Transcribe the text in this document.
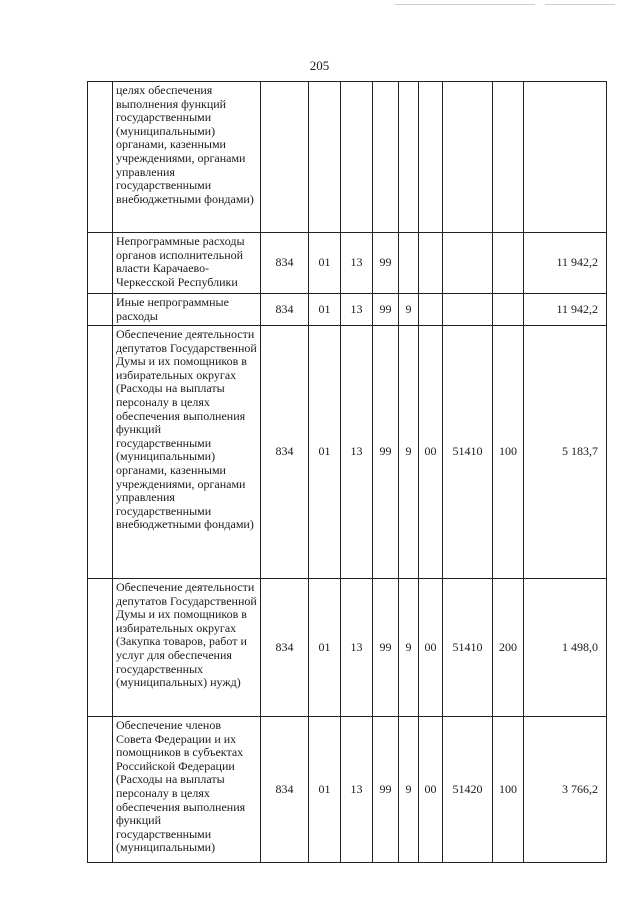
205
	целях обеспечения выполнения функций государственными (муниципальными) органами, казенными учреждениями, органами управления государственными внебюджетными фондами)									
	Непрограммные расходы органов исполнительной власти Карачаево-Черкесской Республики	834	01	13	99					11 942,2
	Иные непрограммные расходы	834	01	13	99	9				11 942,2
	Обеспечение деятельности депутатов Государственной Думы и их помощников в избирательных округах (Расходы на выплаты персоналу в целях обеспечения выполнения функций государственными (муниципальными) органами, казенными учреждениями, органами управления государственными внебюджетными фондами)	834	01	13	99	9	00	51410	100	5 183,7
	Обеспечение деятельности депутатов Государственной Думы и их помощников в избирательных округах (Закупка товаров, работ и услуг для обеспечения государственных (муниципальных) нужд)	834	01	13	99	9	00	51410	200	1 498,0
	Обеспечение членов Совета Федерации и их помощников в субъектах Российской Федерации (Расходы на выплаты персоналу в целях обеспечения выполнения функций государственными (муниципальными)	834	01	13	99	9	00	51420	100	3 766,2
